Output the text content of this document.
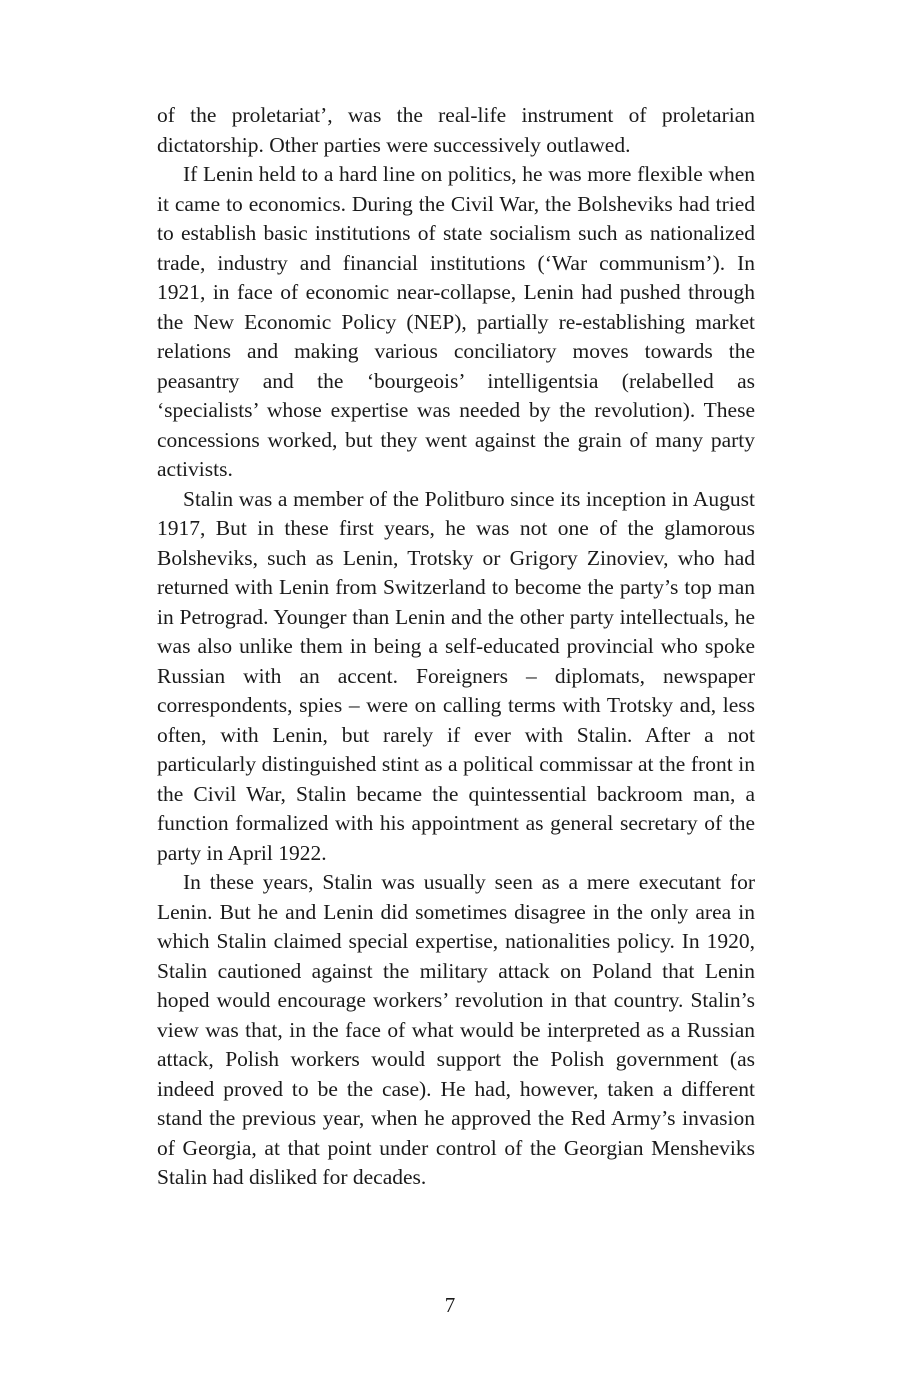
of the proletariat’, was the real-life instrument of proletarian dictatorship. Other parties were successively outlawed.

If Lenin held to a hard line on politics, he was more flexible when it came to economics. During the Civil War, the Bolsheviks had tried to establish basic institutions of state socialism such as nationalized trade, industry and financial institutions (‘War communism’). In 1921, in face of economic near-collapse, Lenin had pushed through the New Economic Policy (NEP), partially re-establishing market relations and making various conciliatory moves towards the peasantry and the ‘bourgeois’ intelligentsia (relabelled as ‘specialists’ whose expertise was needed by the revolution). These concessions worked, but they went against the grain of many party activists.

Stalin was a member of the Politburo since its inception in August 1917, But in these first years, he was not one of the glamorous Bolsheviks, such as Lenin, Trotsky or Grigory Zinoviev, who had returned with Lenin from Switzerland to become the party’s top man in Petrograd. Younger than Lenin and the other party intellectuals, he was also unlike them in being a self-educated provincial who spoke Russian with an accent. Foreigners – diplomats, newspaper correspondents, spies – were on calling terms with Trotsky and, less often, with Lenin, but rarely if ever with Stalin. After a not particularly distinguished stint as a political commissar at the front in the Civil War, Stalin became the quintessential backroom man, a function formalized with his appointment as general secretary of the party in April 1922.

In these years, Stalin was usually seen as a mere executant for Lenin. But he and Lenin did sometimes disagree in the only area in which Stalin claimed special expertise, nationalities policy. In 1920, Stalin cautioned against the military attack on Poland that Lenin hoped would encourage workers’ revolution in that country. Stalin’s view was that, in the face of what would be interpreted as a Russian attack, Polish workers would support the Polish government (as indeed proved to be the case). He had, however, taken a different stand the previous year, when he approved the Red Army’s invasion of Georgia, at that point under control of the Georgian Mensheviks Stalin had disliked for decades.

7
